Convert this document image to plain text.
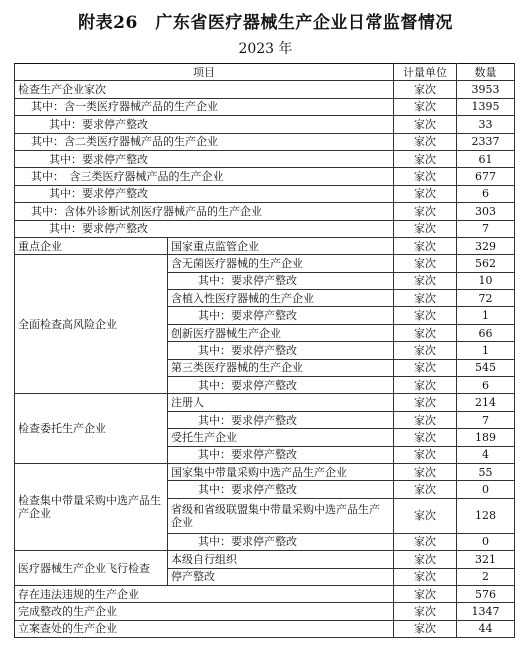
附表26　广东省医疗器械生产企业日常监督情况
2023 年
项目		计量单位	数量
检查生产企业家次		家次	3953
其中：含一类医疗器械产品的生产企业		家次	1395
其中：要求停产整改		家次	33
其中：含二类医疗器械产品的生产企业		家次	2337
其中：要求停产整改		家次	61
其中：　含三类医疗器械产品的生产企业		家次	677
其中：要求停产整改		家次	6
其中：含体外诊断试剂医疗器械产品的生产企业		家次	303
其中：要求停产整改		家次	7
重点企业	国家重点监管企业	家次	329
全面检查高风险企业	含无菌医疗器械的生产企业	家次	562
	其中：要求停产整改	家次	10
	含植入性医疗器械的生产企业	家次	72
	其中：要求停产整改	家次	1
	创新医疗器械生产企业	家次	66
	其中：要求停产整改	家次	1
	第三类医疗器械的生产企业	家次	545
	其中：要求停产整改	家次	6
检查委托生产企业	注册人	家次	214
	其中：要求停产整改	家次	7
	受托生产企业	家次	189
	其中：要求停产整改	家次	4
检查集中带量采购中选产品生产企业	国家集中带量采购中选产品生产企业	家次	55
	其中：要求停产整改	家次	0
	省级和省级联盟集中带量采购中选产品生产企业	家次	128
	其中：要求停产整改	家次	0
医疗器械生产企业飞行检查	本级自行组织	家次	321
	停产整改	家次	2
存在违法违规的生产企业		家次	576
完成整改的生产企业		家次	1347
立案查处的生产企业		家次	44
